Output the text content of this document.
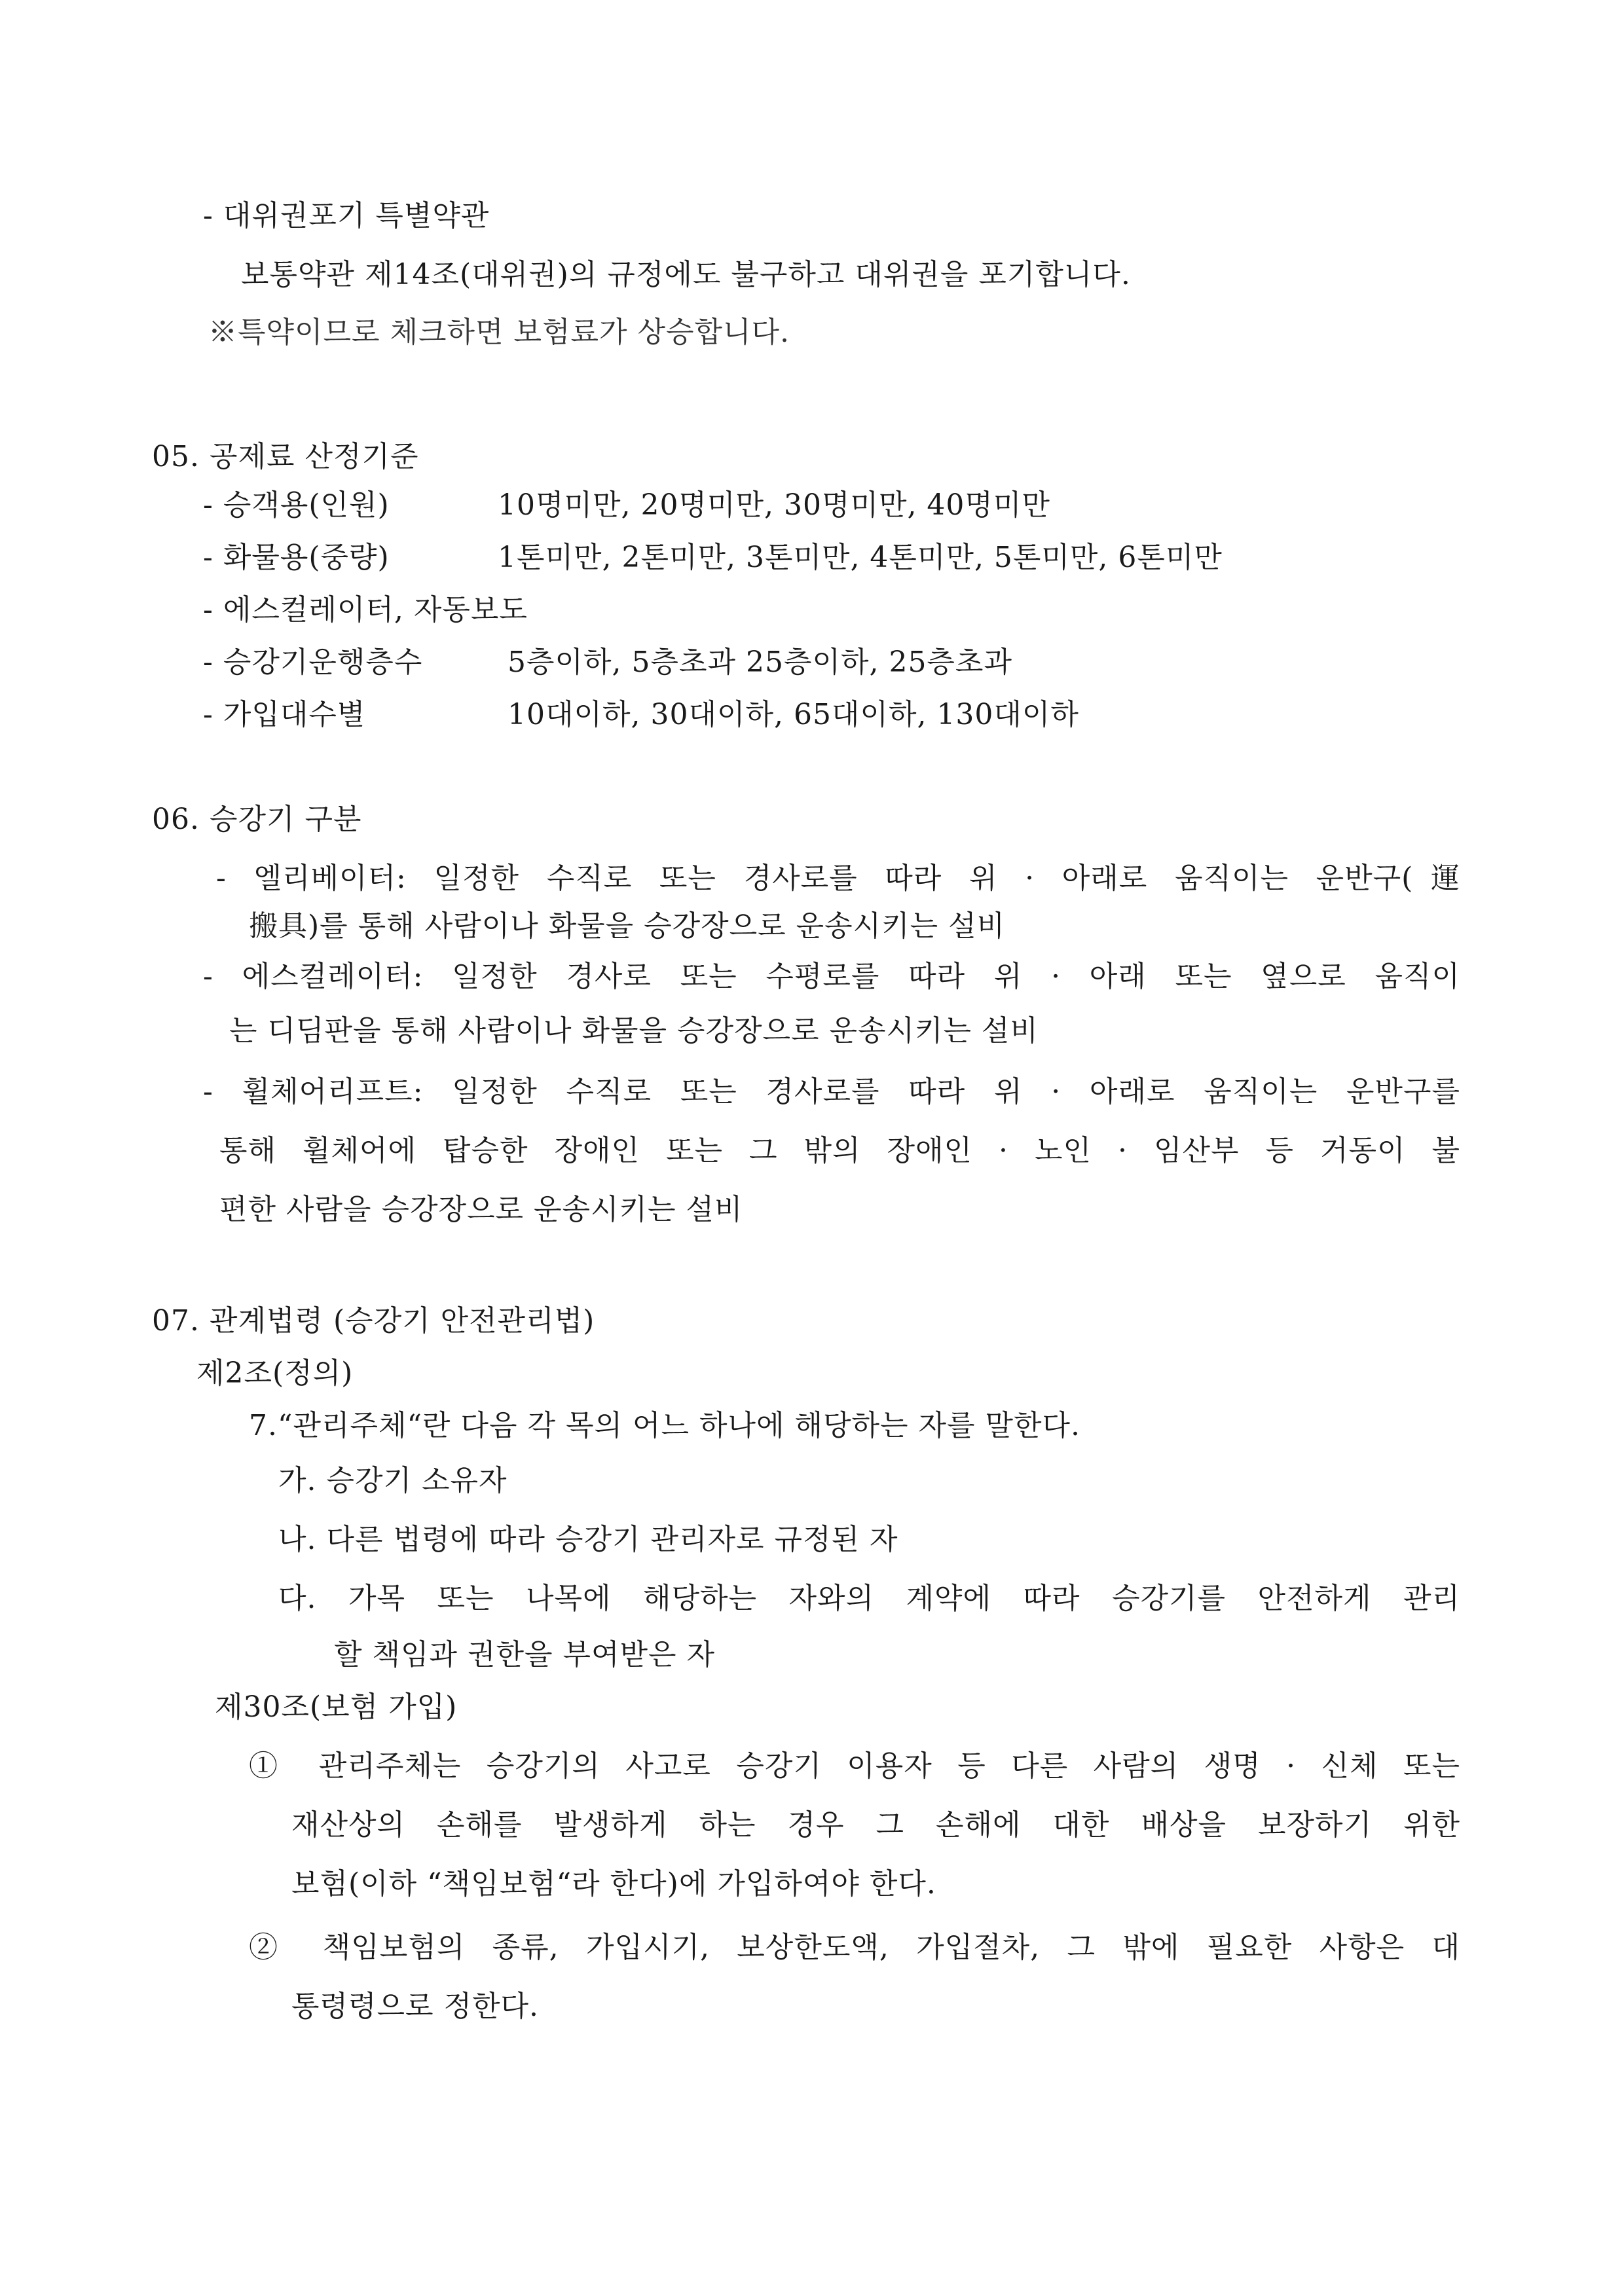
- 대위권포기 특별약관
보통약관 제14조(대위권)의 규정에도 불구하고 대위권을 포기합니다.
※특약이므로 체크하면 보험료가 상승합니다.
05. 공제료 산정기준
- 승객용(인원)	10명미만, 20명미만, 30명미만, 40명미만
- 화물용(중량)	1톤미만, 2톤미만, 3톤미만, 4톤미만, 5톤미만, 6톤미만
- 에스컬레이터, 자동보도
- 승강기운행층수	5층이하, 5층초과 25층이하, 25층초과
- 가입대수별	10대이하, 30대이하, 65대이하, 130대이하
06. 승강기 구분
- 엘리베이터: 일정한 수직로 또는 경사로를 따라 위 · 아래로 움직이는 운반구(運
搬具)를 통해 사람이나 화물을 승강장으로 운송시키는 설비
- 에스컬레이터: 일정한 경사로 또는 수평로를 따라 위 · 아래 또는 옆으로 움직이
는 디딤판을 통해 사람이나 화물을 승강장으로 운송시키는 설비
- 휠체어리프트: 일정한 수직로 또는 경사로를 따라 위 · 아래로 움직이는 운반구를
통해 휠체어에 탑승한 장애인 또는 그 밖의 장애인 · 노인 · 임산부 등 거동이 불
편한 사람을 승강장으로 운송시키는 설비
07. 관계법령 (승강기 안전관리법)
제2조(정의)
7.“관리주체“란 다음 각 목의 어느 하나에 해당하는 자를 말한다.
가. 승강기 소유자
나. 다른 법령에 따라 승강기 관리자로 규정된 자
다. 가목 또는 나목에 해당하는 자와의 계약에 따라 승강기를 안전하게 관리
할 책임과 권한을 부여받은 자
제30조(보험 가입)
① 관리주체는 승강기의 사고로 승강기 이용자 등 다른 사람의 생명 · 신체 또는
재산상의 손해를 발생하게 하는 경우 그 손해에 대한 배상을 보장하기 위한
보험(이하 “책임보험“라 한다)에 가입하여야 한다.
② 책임보험의 종류, 가입시기, 보상한도액, 가입절차, 그 밖에 필요한 사항은 대
통령령으로 정한다.
